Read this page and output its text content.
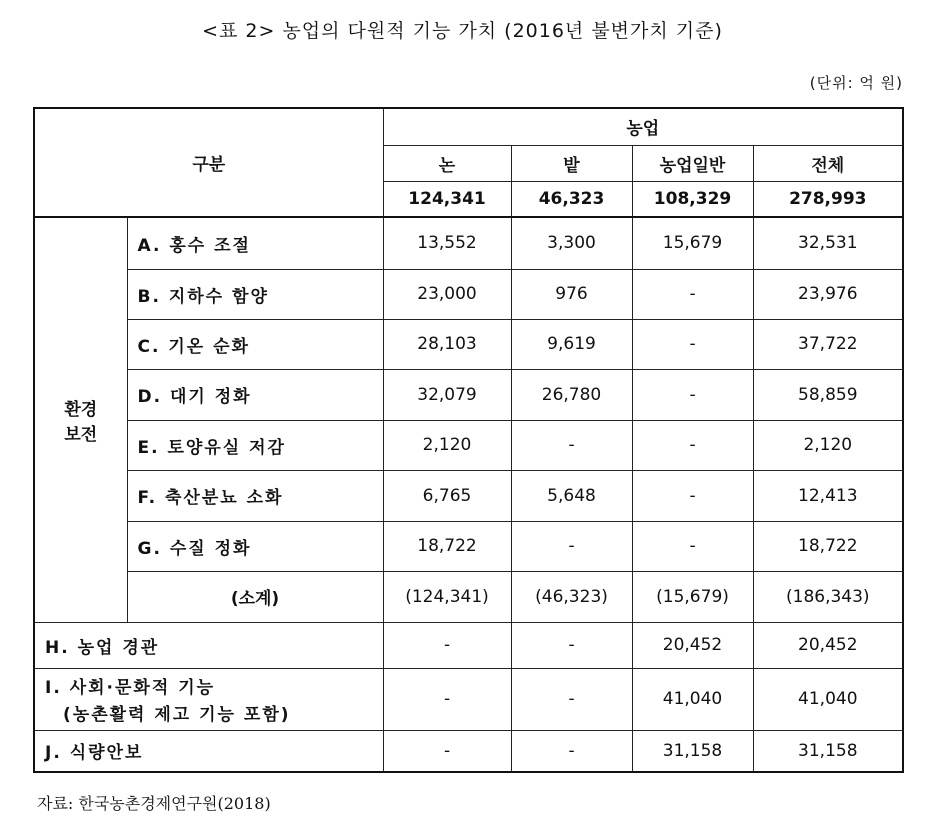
<표 2> 농업의 다원적 기능 가치 (2016년 불변가치 기준)
(단위: 억 원)
구분		농업			
		논	밭	농업일반	전체
		124,341	46,323	108,329	278,993

환경
보전	A. 홍수 조절	13,552	3,300	15,679	32,531
	B. 지하수 함양	23,000	976	-	23,976
	C. 기온 순화	28,103	9,619	-	37,722
	D. 대기 정화	32,079	26,780	-	58,859
	E. 토양유실 저감	2,120	-	-	2,120
	F. 축산분뇨 소화	6,765	5,648	-	12,413
	G. 수질 정화	18,722	-	-	18,722
	(소계)	(124,341)	(46,323)	(15,679)	(186,343)
H. 농업 경관		-	-	20,452	20,452

I. 사회·문화적 기능
(농촌활력 제고 기능 포함)		-	-	41,040	41,040
J. 식량안보		-	-	31,158	31,158
자료: 한국농촌경제연구원(2018)
